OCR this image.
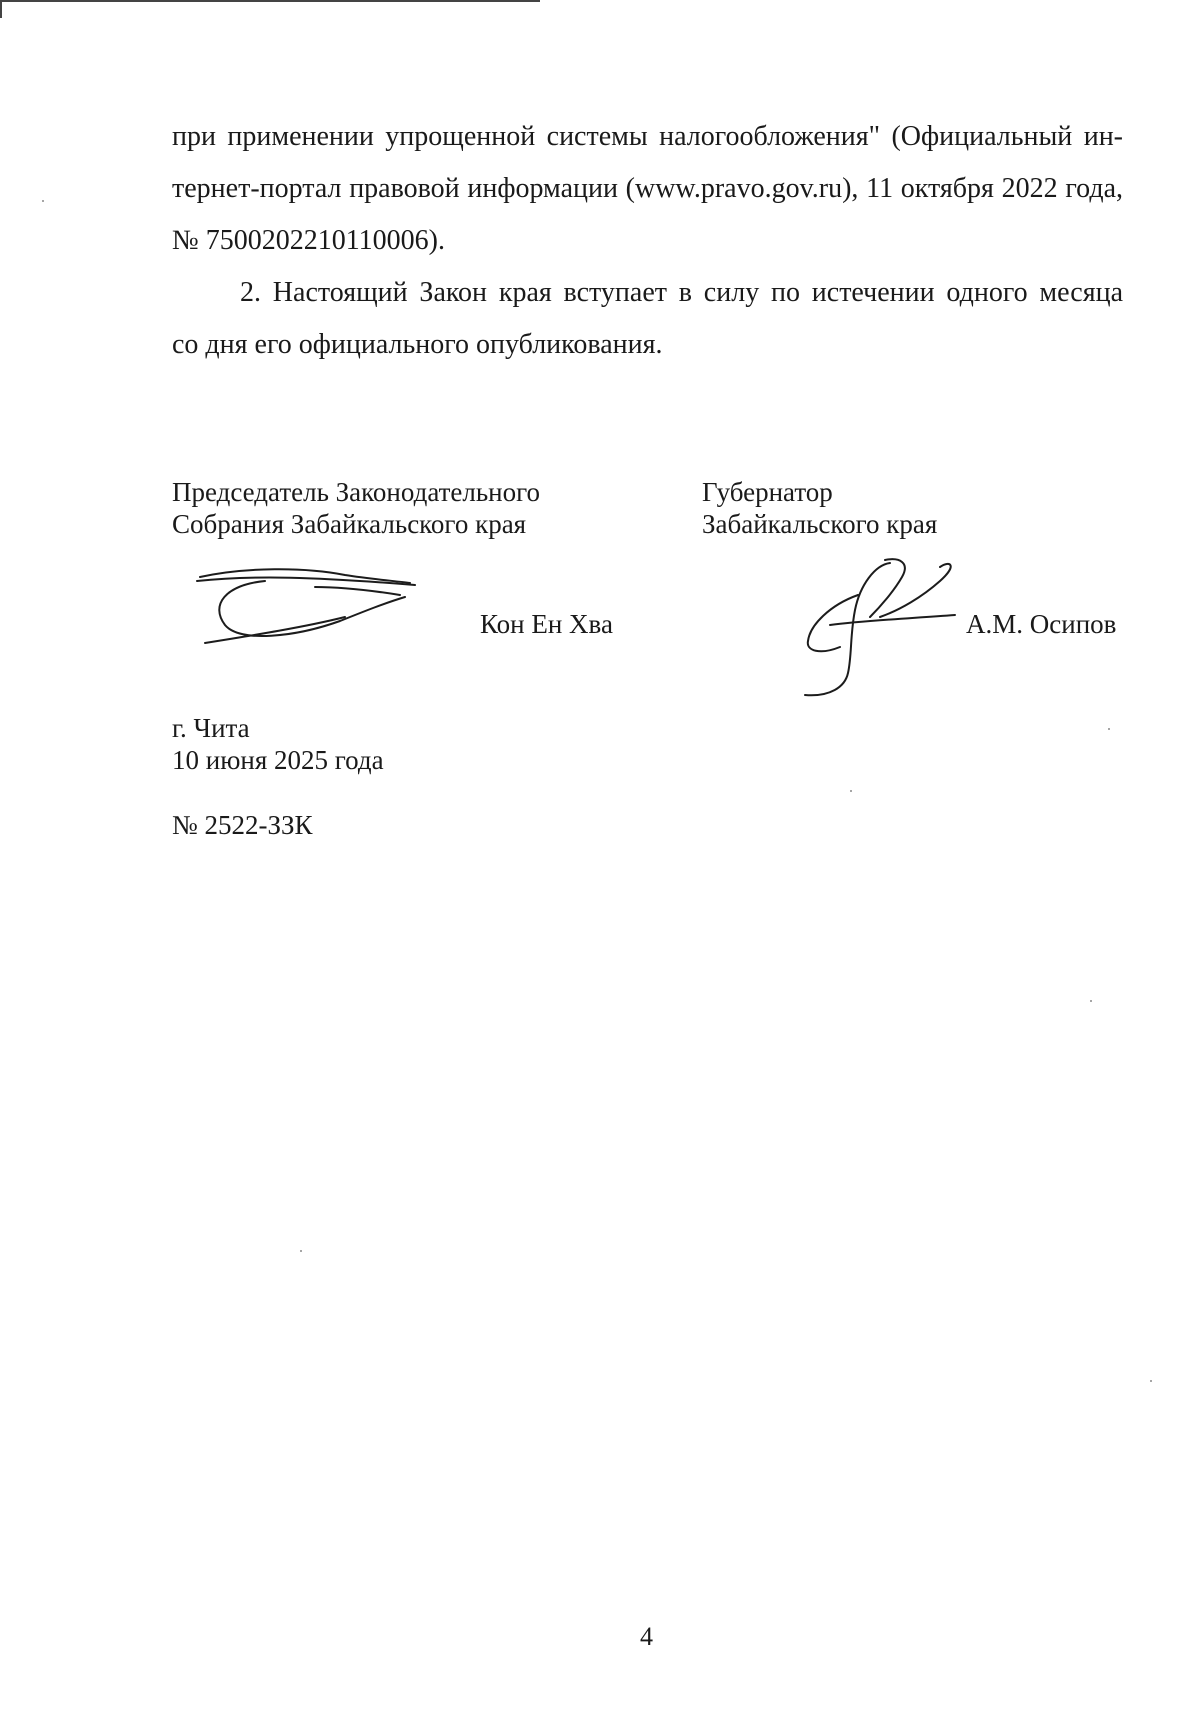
при применении упрощенной системы налогообложения" (Официальный ин-
тернет-портал правовой информации (www.pravo.gov.ru), 11 октября 2022 года,
№ 7500202210110006).
2. Настоящий Закон края вступает в силу по истечении одного месяца
со дня его официального опубликования.
Председатель Законодательного
Собрания Забайкальского края
Губернатор
Забайкальского края
Кон Ен Хва	А.М. Осипов
г. Чита
10 июня 2025 года
№ 2522-ЗЗК
4
